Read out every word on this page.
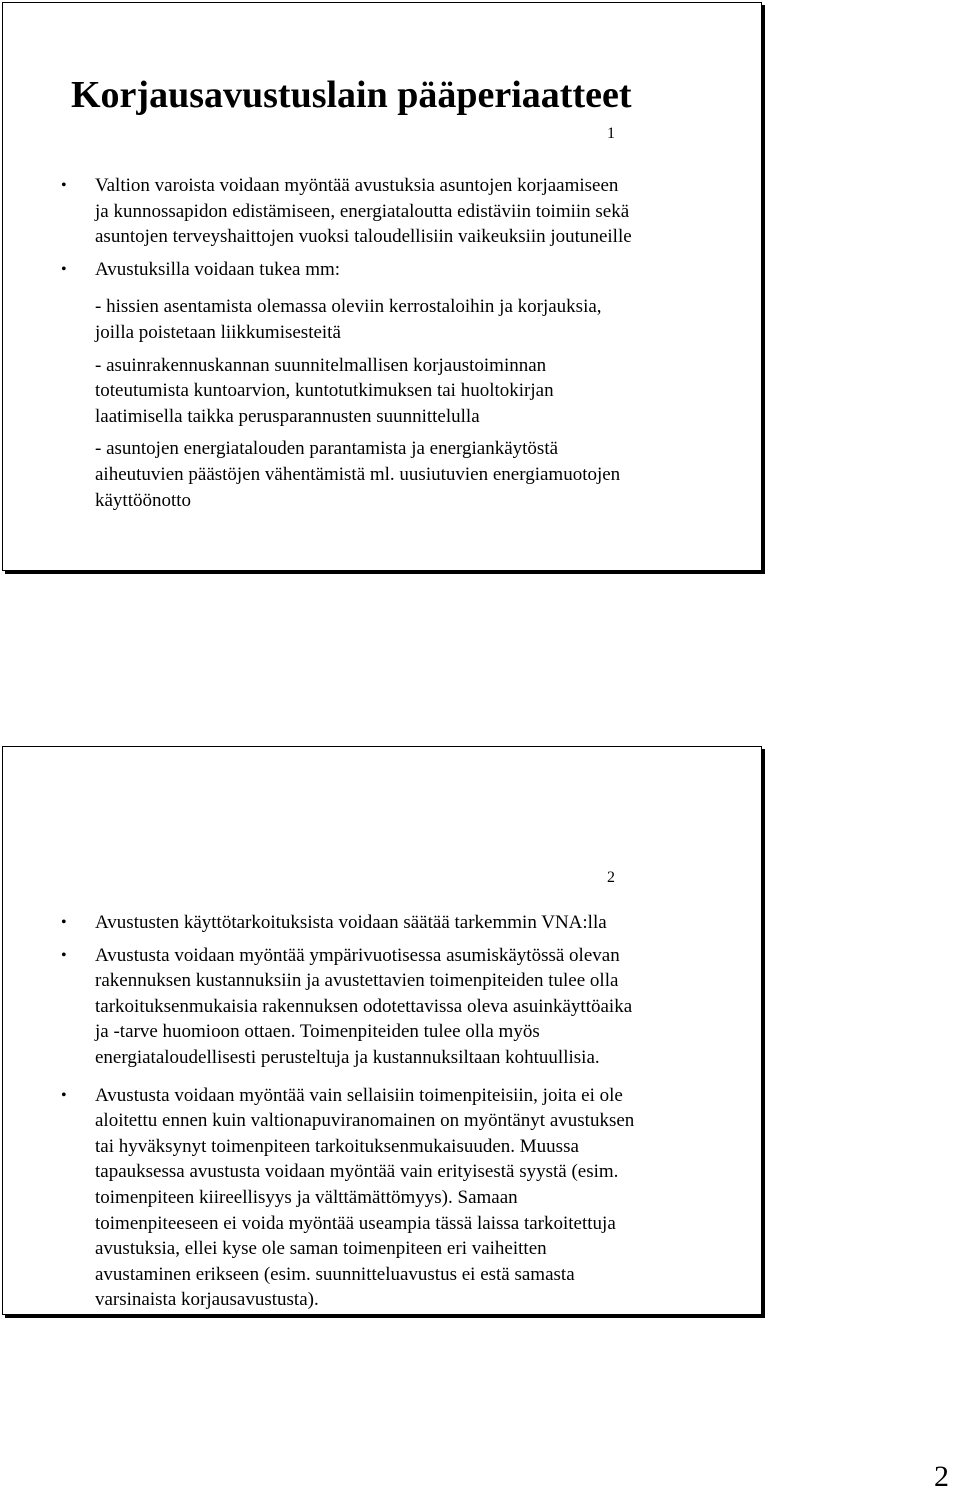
Korjausavustuslain pääperiaatteet
1
• Valtion varoista voidaan myöntää avustuksia asuntojen korjaamiseen
ja kunnossapidon edistämiseen, energiataloutta edistäviin toimiin sekä
asuntojen terveyshaittojen vuoksi taloudellisiin vaikeuksiin joutuneille
• Avustuksilla voidaan tukea mm:
- hissien asentamista olemassa oleviin kerrostaloihin ja korjauksia,
joilla poistetaan liikkumisesteitä
- asuinrakennuskannan suunnitelmallisen korjaustoiminnan
toteutumista kuntoarvion, kuntotutkimuksen tai huoltokirjan
laatimisella taikka perusparannusten suunnittelulla
- asuntojen energiatalouden parantamista ja energiankäytöstä
aiheutuvien päästöjen vähentämistä ml. uusiutuvien energiamuotojen
käyttöönotto
2
• Avustusten käyttötarkoituksista voidaan säätää tarkemmin VNA:lla
• Avustusta voidaan myöntää ympärivuotisessa asumiskäytössä olevan
rakennuksen kustannuksiin ja avustettavien toimenpiteiden tulee olla
tarkoituksenmukaisia rakennuksen odotettavissa oleva asuinkäyttöaika
ja -tarve huomioon ottaen. Toimenpiteiden tulee olla myös
energiataloudellisesti perusteltuja ja kustannuksiltaan kohtuullisia.
• Avustusta voidaan myöntää vain sellaisiin toimenpiteisiin, joita ei ole
aloitettu ennen kuin valtionapuviranomainen on myöntänyt avustuksen
tai hyväksynyt toimenpiteen tarkoituksenmukaisuuden. Muussa
tapauksessa avustusta voidaan myöntää vain erityisestä syystä (esim.
toimenpiteen kiireellisyys ja välttämättömyys). Samaan
toimenpiteeseen ei voida myöntää useampia tässä laissa tarkoitettuja
avustuksia, ellei kyse ole saman toimenpiteen eri vaiheitten
avustaminen erikseen (esim. suunnitteluavustus ei estä samasta
varsinaista korjausavustusta).
2
